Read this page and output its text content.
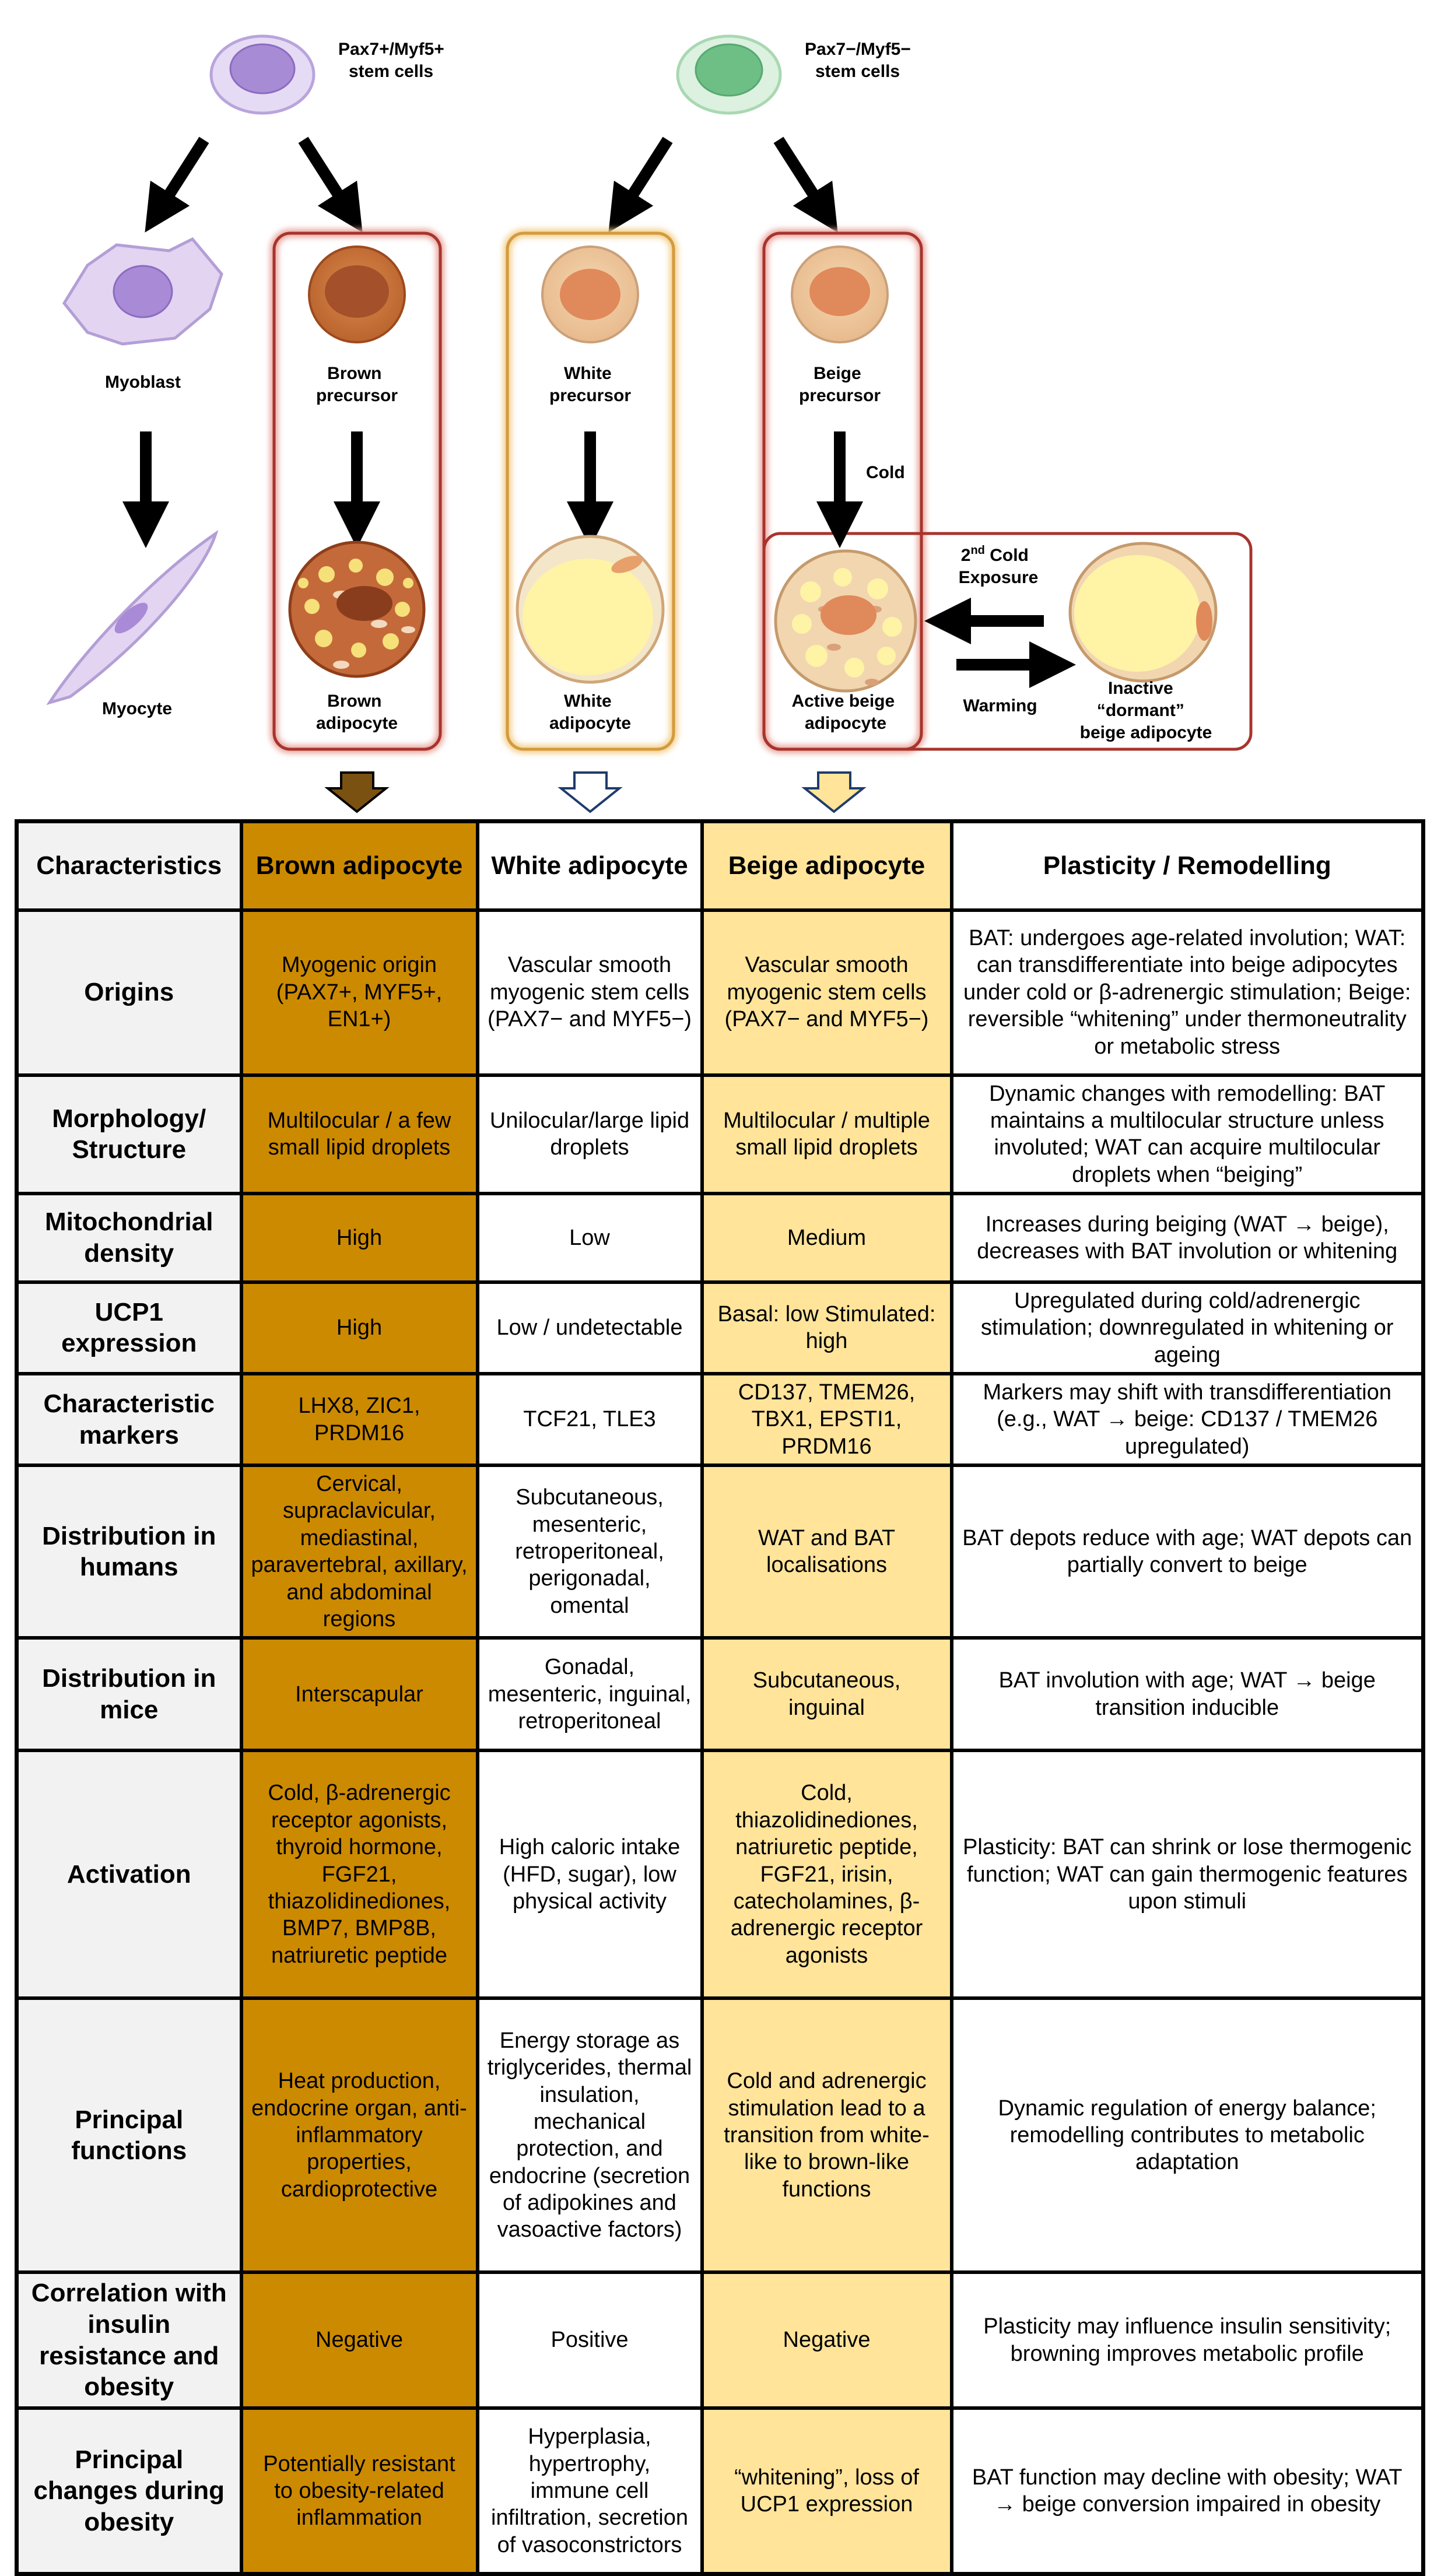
Pax7+/Myf5+ stem cells
Pax7−/Myf5− stem cells
Myoblast
Myocyte
Brown precursor
Brown adipocyte
White precursor
White adipocyte
Beige precursor
Cold
Active beige adipocyte
2nd Cold Exposure
Warming
Inactive “dormant” beige adipocyte
Characteristics	Brown adipocyte	White adipocyte	Beige adipocyte	Plasticity / Remodelling
Origins	Myogenic origin (PAX7+, MYF5+, EN1+)	Vascular smooth myogenic stem cells (PAX7− and MYF5−)	Vascular smooth myogenic stem cells (PAX7− and MYF5−)	BAT: undergoes age-related involution; WAT: can transdifferentiate into beige adipocytes under cold or β-adrenergic stimulation; Beige: reversible “whitening” under thermoneutrality or metabolic stress
Morphology/ Structure	Multilocular / a few small lipid droplets	Unilocular/large lipid droplets	Multilocular / multiple small lipid droplets	Dynamic changes with remodelling: BAT maintains a multilocular structure unless involuted; WAT can acquire multilocular droplets when “beiging”
Mitochondrial density	High	Low	Medium	Increases during beiging (WAT → beige), decreases with BAT involution or whitening
UCP1 expression	High	Low / undetectable	Basal: low Stimulated: high	Upregulated during cold/adrenergic stimulation; downregulated in whitening or ageing
Characteristic markers	LHX8, ZIC1, PRDM16	TCF21, TLE3	CD137, TMEM26, TBX1, EPSTI1, PRDM16	Markers may shift with transdifferentiation (e.g., WAT → beige: CD137 / TMEM26 upregulated)
Distribution in humans	Cervical, supraclavicular, mediastinal, paravertebral, axillary, and abdominal regions	Subcutaneous, mesenteric, retroperitoneal, perigonadal, omental	WAT and BAT localisations	BAT depots reduce with age; WAT depots can partially convert to beige
Distribution in mice	Interscapular	Gonadal, mesenteric, inguinal, retroperitoneal	Subcutaneous, inguinal	BAT involution with age; WAT → beige transition inducible
Activation	Cold, β-adrenergic receptor agonists, thyroid hormone, FGF21, thiazolidinediones, BMP7, BMP8B, natriuretic peptide	High caloric intake (HFD, sugar), low physical activity	Cold, thiazolidinediones, natriuretic peptide, FGF21, irisin, catecholamines, β-adrenergic receptor agonists	Plasticity: BAT can shrink or lose thermogenic function; WAT can gain thermogenic features upon stimuli
Principal functions	Heat production, endocrine organ, anti-inflammatory properties, cardioprotective	Energy storage as triglycerides, thermal insulation, mechanical protection, and endocrine (secretion of adipokines and vasoactive factors)	Cold and adrenergic stimulation lead to a transition from white-like to brown-like functions	Dynamic regulation of energy balance; remodelling contributes to metabolic adaptation
Correlation with insulin resistance and obesity	Negative	Positive	Negative	Plasticity may influence insulin sensitivity; browning improves metabolic profile
Principal changes during obesity	Potentially resistant to obesity-related inflammation	Hyperplasia, hypertrophy, immune cell infiltration, secretion of vasoconstrictors	“whitening”, loss of UCP1 expression	BAT function may decline with obesity; WAT → beige conversion impaired in obesity
